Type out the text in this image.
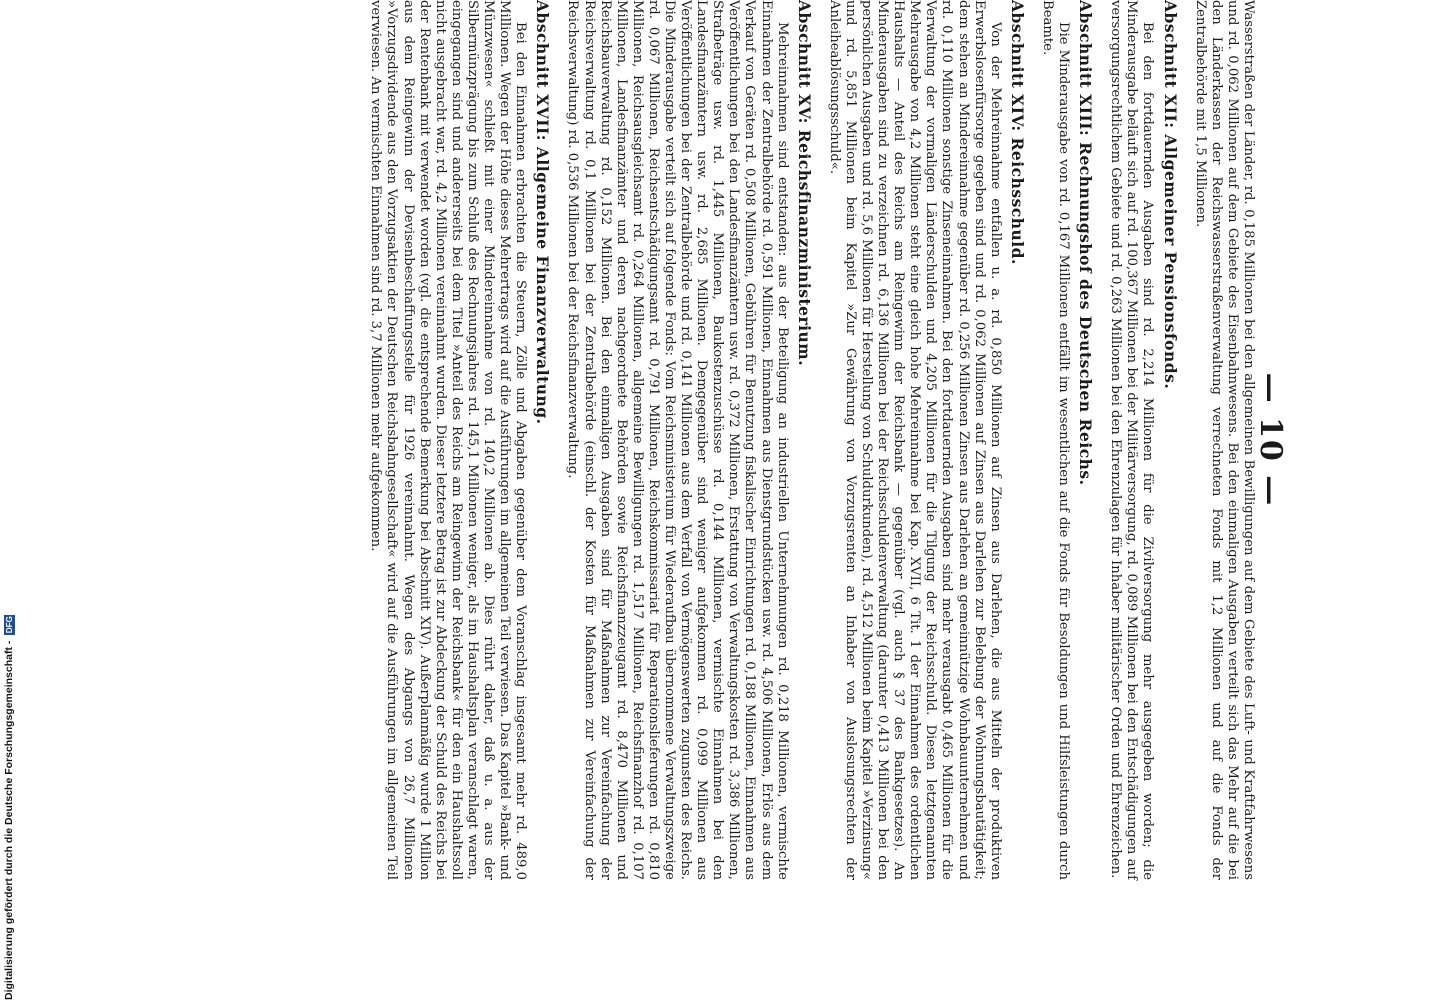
— 10 —

Wasserstraßen der Länder, rd. 0,185 Millionen bei den allgemeinen Bewilligungen auf dem Gebiete des Luft- und Kraftfahrwesens und rd. 0,062 Millionen auf dem Gebiete des Eisenbahnwesens. Bei den einmaligen Ausgaben verteilt sich das Mehr auf die bei den Länderkassen der Reichswasserstraßenverwaltung verrechneten Fonds mit 1,2 Millionen und auf die Fonds der Zentralbehörde mit 1,5 Millionen.

Abschnitt XII: Allgemeiner Pensionsfonds.

Bei den fortdauernden Ausgaben sind rd. 2,214 Millionen für die Zivilversorgung mehr ausgegeben worden; die Minderausgabe beläuft sich auf rd. 100,367 Millionen bei der Militärversorgung, rd. 0,089 Millionen bei den Entschädigungen auf versorgungsrechtlichem Gebiete und rd. 0,263 Millionen bei den Ehrenzulagen für Inhaber militärischer Orden und Ehrenzeichen.

Abschnitt XIII: Rechnungshof des Deutschen Reichs.

Die Minderausgabe von rd. 0,167 Millionen entfällt im wesentlichen auf die Fonds für Besoldungen und Hilfsleistungen durch Beamte.

Abschnitt XIV: Reichsschuld.

Von der Mehreinnahme entfallen u. a. rd. 0,850 Millionen auf Zinsen aus Darlehen, die aus Mitteln der produktiven Erwerbslosenfürsorge gegeben sind und rd. 0,062 Millionen auf Zinsen aus Darlehen zur Belebung der Wohnungsbautätigkeit; dem stehen an Mindereinnahme gegenüber rd. 0,256 Millionen Zinsen aus Darlehen an gemeinnützige Wohnbauunternehmen und rd. 0,110 Millionen sonstige Zinseneinnahmen. Bei den fortdauernden Ausgaben sind mehr verausgabt 0,465 Millionen für die Verwaltung der vormaligen Länderschulden und 4,205 Millionen für die Tilgung der Reichsschuld. Diesen letztgenannten Mehrausgabe von 4,2 Millionen steht eine gleich hohe Mehreinnahme bei Kap. XVII, 6 Tit. 1 der Einnahmen des ordentlichen Haushalts — Anteil des Reichs am Reingewinn der Reichsbank — gegenüber (vgl. auch § 37 des Bankgesetzes). An Minderausgaben sind zu verzeichnen rd. 6,136 Millionen bei der Reichsschuldenverwaltung (darunter 0,413 Millionen bei den persönlichen Ausgaben und rd. 5,6 Millionen für Herstellung von Schuldurkunden), rd. 4,512 Millionen beim Kapitel »Verzinsung« und rd. 5,851 Millionen beim Kapitel »Zur Gewährung von Vorzugsrenten an Inhaber von Auslosungsrechten der Anleiheablösungsschuld«.

Abschnitt XV: Reichsfinanzministerium.

Mehreinnahmen sind entstanden: aus der Beteiligung an industriellen Unternehmungen rd. 0,218 Millionen, vermischte Einnahmen der Zentralbehörde rd. 0,591 Millionen, Einnahmen aus Dienstgrundstücken usw. rd. 4,506 Millionen, Erlös aus dem Verkauf von Geräten rd. 0,508 Millionen, Gebühren für Benutzung fiskalischer Einrichtungen rd. 0,188 Millionen, Einnahmen aus Veröffentlichungen bei den Landesfinanzämtern usw. rd. 0,372 Millionen, Erstattung von Verwaltungskosten rd. 3,386 Millionen, Strafbeträge usw. rd. 1,445 Millionen, Baukostenzuschüsse rd. 0,144 Millionen, vermischte Einnahmen bei den Landesfinanzämtern usw. rd. 2,685 Millionen. Demgegenüber sind weniger aufgekommen rd. 0,099 Millionen aus Veröffentlichungen bei der Zentralbehörde und rd. 0,141 Millionen aus dem Verfall von Vermögenswerten zugunsten des Reichs. Die Minderausgabe verteilt sich auf folgende Fonds: Vom Reichsministerium für Wiederaufbau übernommene Verwaltungszweige rd. 0,067 Millionen, Reichsentschädigungsamt rd. 0,791 Millionen, Reichskommissariat für Reparationslieferungen rd. 0,810 Millionen, Reichsausgleichsamt rd. 0,264 Millionen, allgemeine Bewilligungen rd. 1,517 Millionen, Reichsfinanzhof rd. 0,107 Millionen, Landesfinanzämter und deren nachgeordnete Behörden sowie Reichsfinanzzeugamt rd. 8,470 Millionen und Reichsbauverwaltung rd. 0,152 Millionen. Bei den einmaligen Ausgaben sind für Maßnahmen zur Vereinfachung der Reichsverwaltung rd. 0,1 Millionen bei der Zentralbehörde (einschl. der Kosten für Maßnahmen zur Vereinfachung der Reichsverwaltung) rd. 0,536 Millionen bei der Reichsfinanzverwaltung.

Abschnitt XVII: Allgemeine Finanzverwaltung.

Bei den Einnahmen erbrachten die Steuern, Zölle und Abgaben gegenüber dem Voranschlag insgesamt mehr rd. 489,0 Millionen. Wegen der Höhe dieses Mehrertrags wird auf die Ausführungen im allgemeinen Teil verwiesen. Das Kapitel »Bank- und Münzwesen« schließt mit einer Mindereinnahme von rd. 140,2 Millionen ab. Dies rührt daher, daß u. a. aus der Silbermünzprägung bis zum Schluß des Rechnungsjahres rd. 145,1 Millionen weniger, als im Haushaltsplan veranschlagt waren, eingegangen sind und andererseits bei dem Titel »Anteil des Reichs am Reingewinn der Reichsbank« für den ein Haushaltssoll nicht ausgebracht war, rd. 4,2 Millionen vereinnahmt wurden. Dieser letztere Betrag ist zur Abdeckung der Schuld des Reichs bei der Rentenbank mit verwendet worden (vgl. die entsprechende Bemerkung bei Abschnitt XIV). Außerplanmäßig wurde 1 Million aus dem Reingewinn der Devisenbeschaffungsstelle für 1926 vereinnahmt. Wegen des Abgangs von 26,7 Millionen »Vorzugsdividende aus den Vorzugsaktien der Deutschen Reichsbahngesellschaft« wird auf die Ausführungen im allgemeinen Teil verwiesen. An vermischten Einnahmen sind rd. 3,7 Millionen mehr aufgekommen.

Digitalisierung gefördert durch die Deutsche Forschungsgemeinschaft -
DFG
